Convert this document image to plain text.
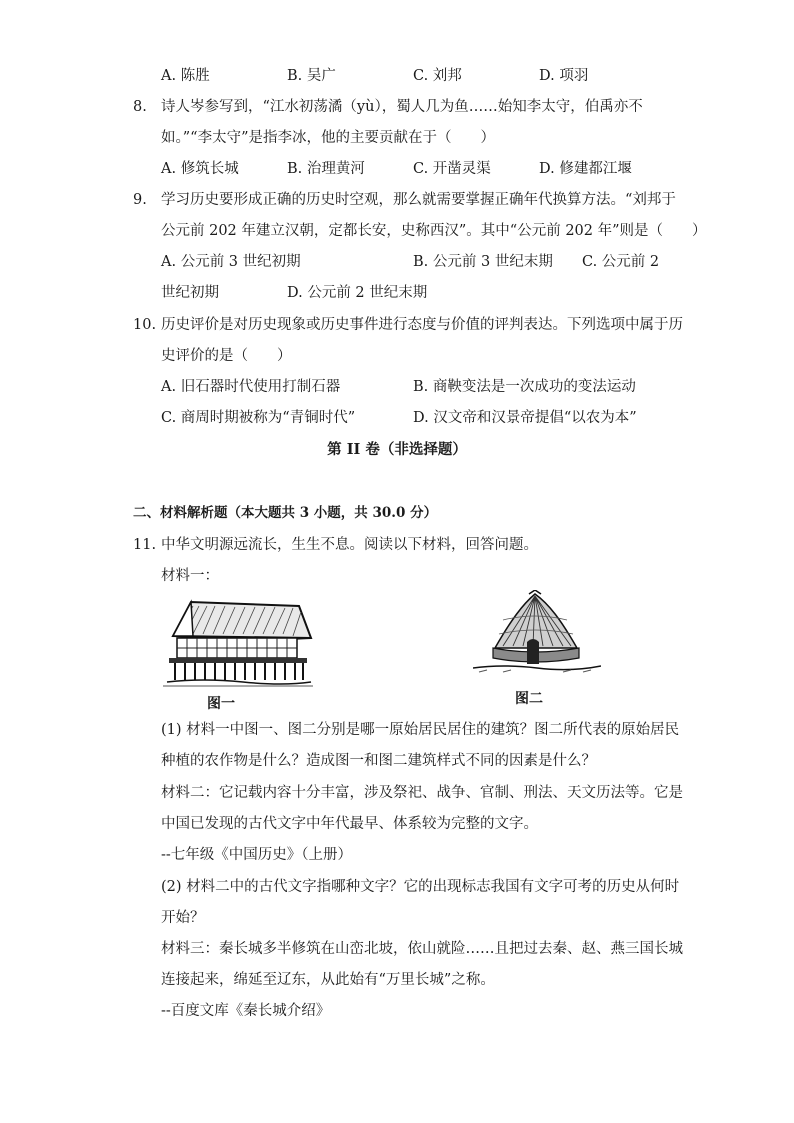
A. 陈胜	B. 吴广	C. 刘邦	D. 项羽
8. 诗人岑参写到，“江水初荡潏（yù），蜀人几为鱼……始知李太守，伯禹亦不
如。”“李太守”是指李冰，他的主要贡献在于（　　）
A. 修筑长城	B. 治理黄河	C. 开凿灵渠	D. 修建都江堰
9. 学习历史要形成正确的历史时空观，那么就需要掌握正确年代换算方法。“刘邦于
公元前 202 年建立汉朝，定都长安，史称西汉”。其中“公元前 202 年”则是（　　）
A. 公元前 3 世纪初期	B. 公元前 3 世纪末期 C. 公元前 2
世纪初期	D. 公元前 2 世纪末期
10. 历史评价是对历史现象或历史事件进行态度与价值的评判表达。下列选项中属于历
史评价的是（　　）
A. 旧石器时代使用打制石器	B. 商鞅变法是一次成功的变法运动
C. 商周时期被称为“青铜时代”	D. 汉文帝和汉景帝提倡“以农为本”
第 II 卷（非选择题）
二、材料解析题（本大题共 3 小题，共 30.0 分）
11. 中华文明源远流长，生生不息。阅读以下材料，回答问题。
材料一：
图一	图二
(1) 材料一中图一、图二分别是哪一原始居民居住的建筑？图二所代表的原始居民
种植的农作物是什么？造成图一和图二建筑样式不同的因素是什么？
材料二：它记载内容十分丰富，涉及祭祀、战争、官制、刑法、天文历法等。它是
中国已发现的古代文字中年代最早、体系较为完整的文字。
--七年级《中国历史》（上册）
(2) 材料二中的古代文字指哪种文字？它的出现标志我国有文字可考的历史从何时
开始？
材料三：秦长城多半修筑在山峦北坡，依山就险……且把过去秦、赵、燕三国长城
连接起来，绵延至辽东，从此始有“万里长城”之称。
--百度文库《秦长城介绍》
